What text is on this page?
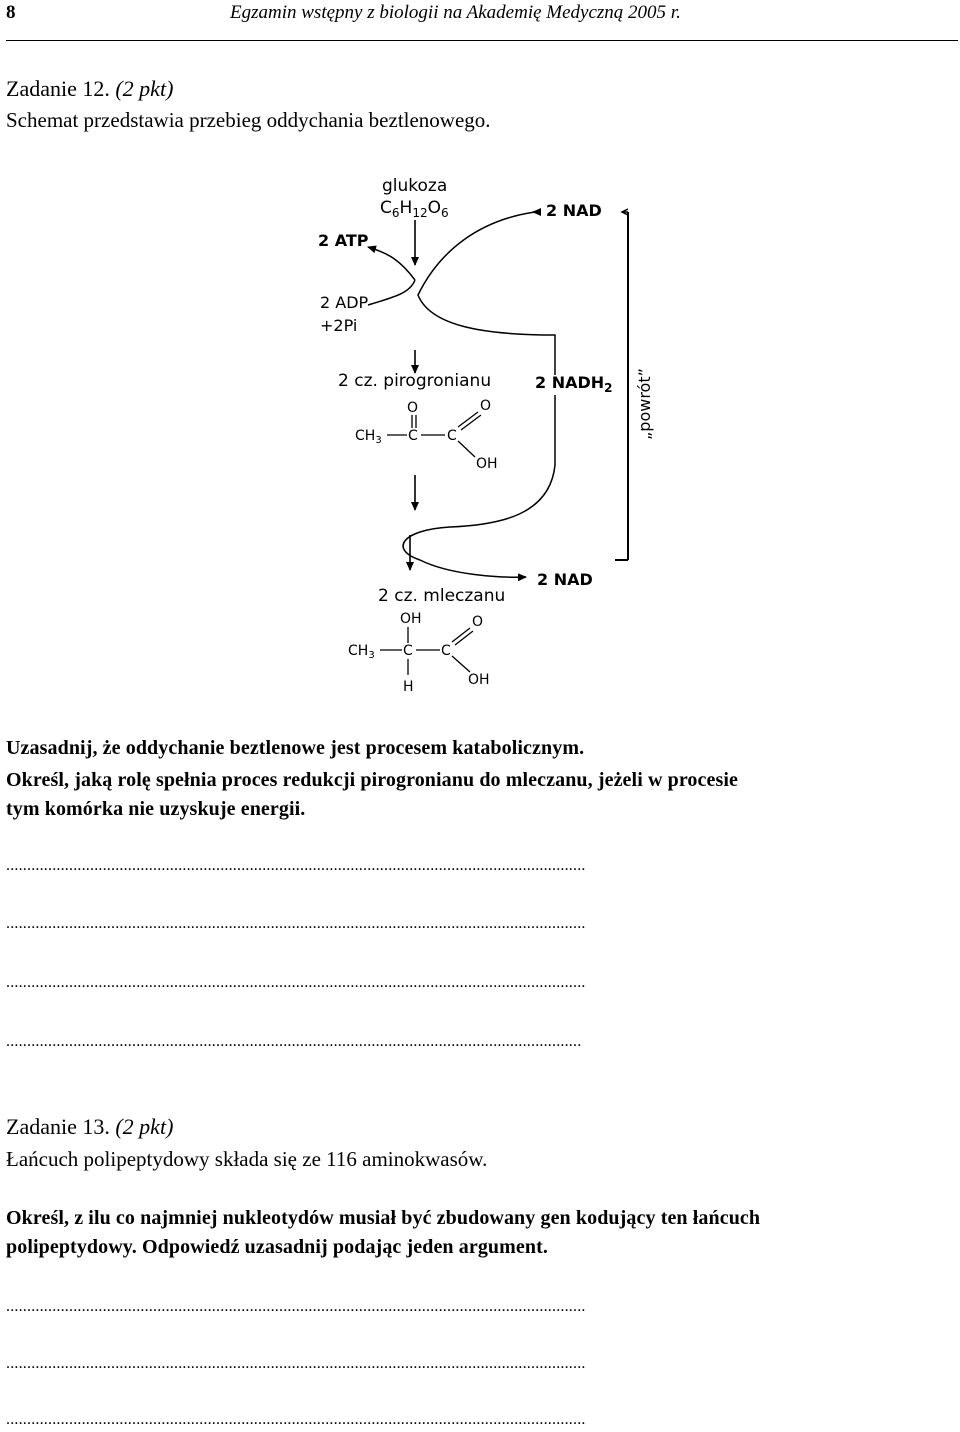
8	Egzamin wstępny z biologii na Akademię Medyczną 2005 r.
Zadanie 12. (2 pkt)
Schemat przedstawia przebieg oddychania beztlenowego.
glukoza
$C_6H_{12}O_6$
2 ATP
2 ADP
+2Pi
2 NAD
„powrót”
2 cz. pirogronianu	2 $NADH_2$
O	O
$CH_3$ C C
OH
2 NAD
2 cz. mleczanu
OH	O
$CH_3$ C C
OH
H
Uzasadnij, że oddychanie beztlenowe jest procesem katabolicznym.
Określ, jaką rolę spełnia proces redukcji pirogronianu do mleczanu, jeżeli w procesie
tym komórka nie uzyskuje energii.
..........................................................................................................................................
..........................................................................................................................................
..........................................................................................................................................
.........................................................................................................................................
Zadanie 13. (2 pkt)
Łańcuch polipeptydowy składa się ze 116 aminokwasów.
Określ, z ilu co najmniej nukleotydów musiał być zbudowany gen kodujący ten łańcuch
polipeptydowy. Odpowiedź uzasadnij podając jeden argument.
..........................................................................................................................................
..........................................................................................................................................
..........................................................................................................................................
